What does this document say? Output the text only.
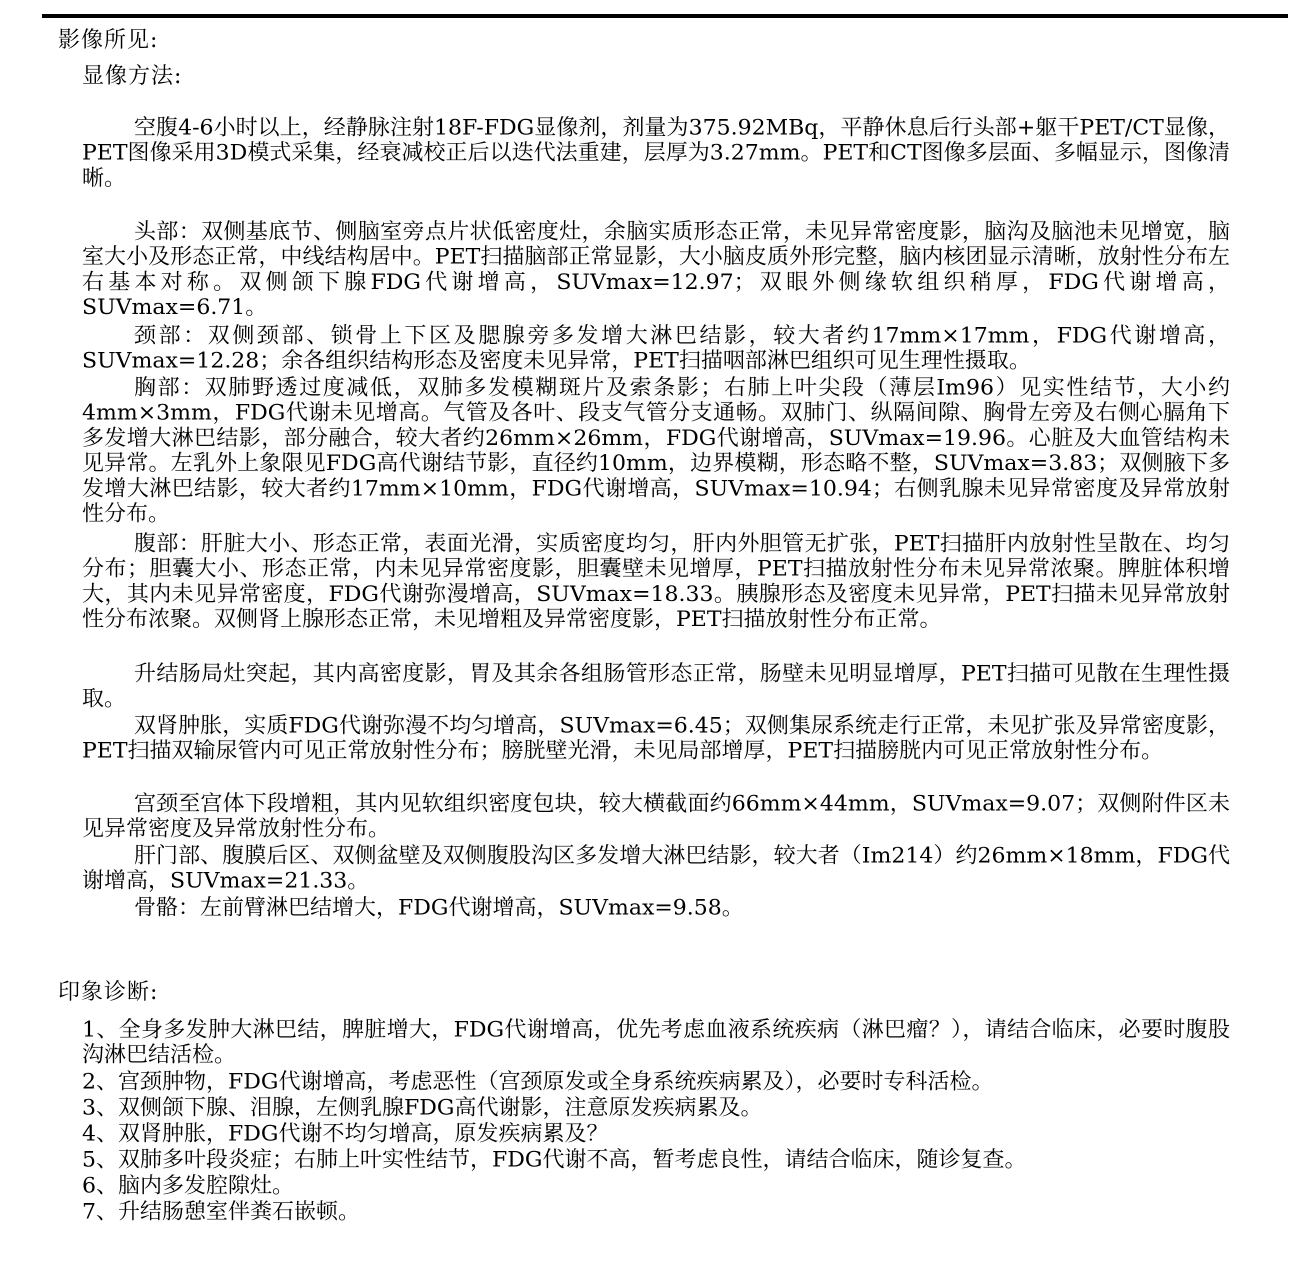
影像所见:
显像方法:
空腹4-6小时以上，经静脉注射18F-FDG显像剂，剂量为375.92MBq，平静休息后行头部+躯干PET/CT显像，PET图像采用3D模式采集，经衰减校正后以迭代法重建，层厚为3.27mm。PET和CT图像多层面、多幅显示，图像清晰。
头部：双侧基底节、侧脑室旁点片状低密度灶，余脑实质形态正常，未见异常密度影，脑沟及脑池未见增宽，脑室大小及形态正常，中线结构居中。PET扫描脑部正常显影，大小脑皮质外形完整，脑内核团显示清晰，放射性分布左右基本对称。双侧颌下腺FDG代谢增高，SUVmax=12.97；双眼外侧缘软组织稍厚，FDG代谢增高，SUVmax=6.71。
颈部：双侧颈部、锁骨上下区及腮腺旁多发增大淋巴结影，较大者约17mm×17mm，FDG代谢增高，SUVmax=12.28；余各组织结构形态及密度未见异常，PET扫描咽部淋巴组织可见生理性摄取。
胸部：双肺野透过度减低，双肺多发模糊斑片及索条影；右肺上叶尖段（薄层Im96）见实性结节，大小约4mm×3mm，FDG代谢未见增高。气管及各叶、段支气管分支通畅。双肺门、纵隔间隙、胸骨左旁及右侧心膈角下多发增大淋巴结影，部分融合，较大者约26mm×26mm，FDG代谢增高，SUVmax=19.96。心脏及大血管结构未见异常。左乳外上象限见FDG高代谢结节影，直径约10mm，边界模糊，形态略不整，SUVmax=3.83；双侧腋下多发增大淋巴结影，较大者约17mm×10mm，FDG代谢增高，SUVmax=10.94；右侧乳腺未见异常密度及异常放射性分布。
腹部：肝脏大小、形态正常，表面光滑，实质密度均匀，肝内外胆管无扩张，PET扫描肝内放射性呈散在、均匀分布；胆囊大小、形态正常，内未见异常密度影，胆囊壁未见增厚，PET扫描放射性分布未见异常浓聚。脾脏体积增大，其内未见异常密度，FDG代谢弥漫增高，SUVmax=18.33。胰腺形态及密度未见异常，PET扫描未见异常放射性分布浓聚。双侧肾上腺形态正常，未见增粗及异常密度影，PET扫描放射性分布正常。
升结肠局灶突起，其内高密度影，胃及其余各组肠管形态正常，肠壁未见明显增厚，PET扫描可见散在生理性摄取。
双肾肿胀，实质FDG代谢弥漫不均匀增高，SUVmax=6.45；双侧集尿系统走行正常，未见扩张及异常密度影，PET扫描双输尿管内可见正常放射性分布；膀胱壁光滑，未见局部增厚，PET扫描膀胱内可见正常放射性分布。
宫颈至宫体下段增粗，其内见软组织密度包块，较大横截面约66mm×44mm，SUVmax=9.07；双侧附件区未见异常密度及异常放射性分布。
肝门部、腹膜后区、双侧盆壁及双侧腹股沟区多发增大淋巴结影，较大者（Im214）约26mm×18mm，FDG代谢增高，SUVmax=21.33。
骨骼：左前臂淋巴结增大，FDG代谢增高，SUVmax=9.58。
印象诊断:
1、全身多发肿大淋巴结，脾脏增大，FDG代谢增高，优先考虑血液系统疾病（淋巴瘤？），请结合临床，必要时腹股沟淋巴结活检。
2、宫颈肿物，FDG代谢增高，考虑恶性（宫颈原发或全身系统疾病累及），必要时专科活检。
3、双侧颌下腺、泪腺，左侧乳腺FDG高代谢影，注意原发疾病累及。
4、双肾肿胀，FDG代谢不均匀增高，原发疾病累及？
5、双肺多叶段炎症；右肺上叶实性结节，FDG代谢不高，暂考虑良性，请结合临床，随诊复查。
6、脑内多发腔隙灶。
7、升结肠憩室伴粪石嵌顿。
